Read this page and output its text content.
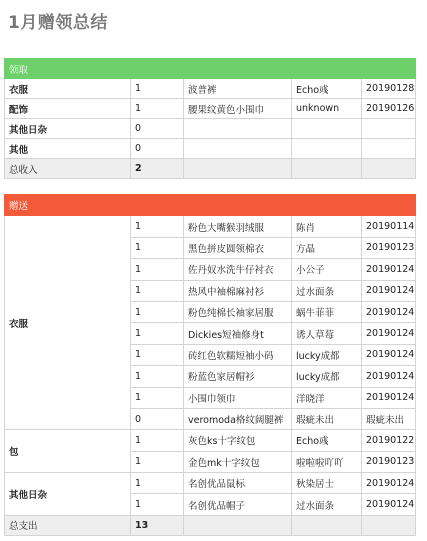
1月赠领总结
领取				
衣服	1	波普裤	Echo彧	20190128
配饰	1	腰果纹黄色小围巾	unknown	20190126
其他日杂	0			
其他	0			
总收入	2			
赠送				
衣服	1	粉色大嘴猴羽绒服	陈肖	20190114
	1	黑色拼皮圆领棉衣	方晶	20190123
	1	佐丹奴水洗牛仔衬衣	小公子	20190124
	1	热风中袖棉麻衬衫	过水面条	20190124
	1	粉色纯棉长袖家居服	蜗牛菲菲	20190124
	1	Dickies短袖修身t	诱人草莓	20190124
	1	砖红色软糯短袖小码	lucky成都	20190124
	1	粉蓝色家居帽衫	lucky成都	20190124
	1	小围巾领巾	洋晓洋	20190124
	0	veromoda格纹阔腿裤	瑕疵未出	瑕疵未出
包	1	灰色ks十字纹包	Echo彧	20190122
	1	金色mk十字纹包	啦啦啦吖吖	20190123
其他日杂	1	名创优品鼠标	秋染居士	20190124
	1	名创优品帽子	过水面条	20190124
总支出	13			
